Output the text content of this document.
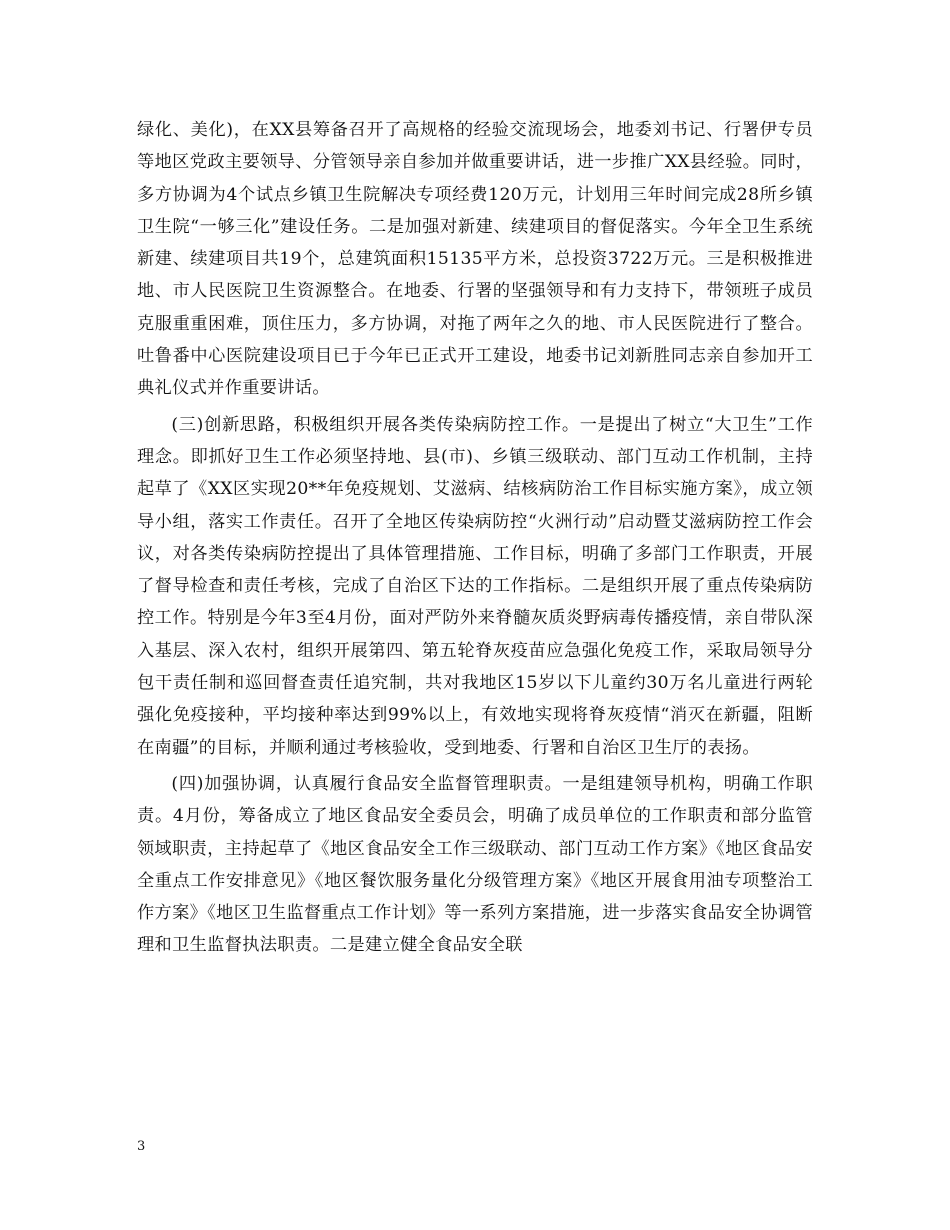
绿化、美化)，在XX县筹备召开了高规格的经验交流现场会，地委刘书记、行署伊专员等地区党政主要领导、分管领导亲自参加并做重要讲话，进一步推广XX县经验。同时，多方协调为4个试点乡镇卫生院解决专项经费120万元，计划用三年时间完成28所乡镇卫生院“一够三化”建设任务。二是加强对新建、续建项目的督促落实。今年全卫生系统新建、续建项目共19个，总建筑面积15135平方米，总投资3722万元。三是积极推进地、市人民医院卫生资源整合。在地委、行署的坚强领导和有力支持下，带领班子成员克服重重困难，顶住压力，多方协调，对拖了两年之久的地、市人民医院进行了整合。吐鲁番中心医院建设项目已于今年已正式开工建设，地委书记刘新胜同志亲自参加开工典礼仪式并作重要讲话。

(三)创新思路，积极组织开展各类传染病防控工作。一是提出了树立“大卫生”工作理念。即抓好卫生工作必须坚持地、县(市)、乡镇三级联动、部门互动工作机制，主持起草了《XX区实现20**年免疫规划、艾滋病、结核病防治工作目标实施方案》，成立领导小组，落实工作责任。召开了全地区传染病防控“火洲行动”启动暨艾滋病防控工作会议，对各类传染病防控提出了具体管理措施、工作目标，明确了多部门工作职责，开展了督导检查和责任考核，完成了自治区下达的工作指标。二是组织开展了重点传染病防控工作。特别是今年3至4月份，面对严防外来脊髓灰质炎野病毒传播疫情，亲自带队深入基层、深入农村，组织开展第四、第五轮脊灰疫苗应急强化免疫工作，采取局领导分包干责任制和巡回督查责任追究制，共对我地区15岁以下儿童约30万名儿童进行两轮强化免疫接种，平均接种率达到99%以上，有效地实现将脊灰疫情“消灭在新疆，阻断在南疆”的目标，并顺利通过考核验收，受到地委、行署和自治区卫生厅的表扬。

(四)加强协调，认真履行食品安全监督管理职责。一是组建领导机构，明确工作职责。4月份，筹备成立了地区食品安全委员会，明确了成员单位的工作职责和部分监管领域职责，主持起草了《地区食品安全工作三级联动、部门互动工作方案》《地区食品安全重点工作安排意见》《地区餐饮服务量化分级管理方案》《地区开展食用油专项整治工作方案》《地区卫生监督重点工作计划》等一系列方案措施，进一步落实食品安全协调管理和卫生监督执法职责。二是建立健全食品安全联

3
